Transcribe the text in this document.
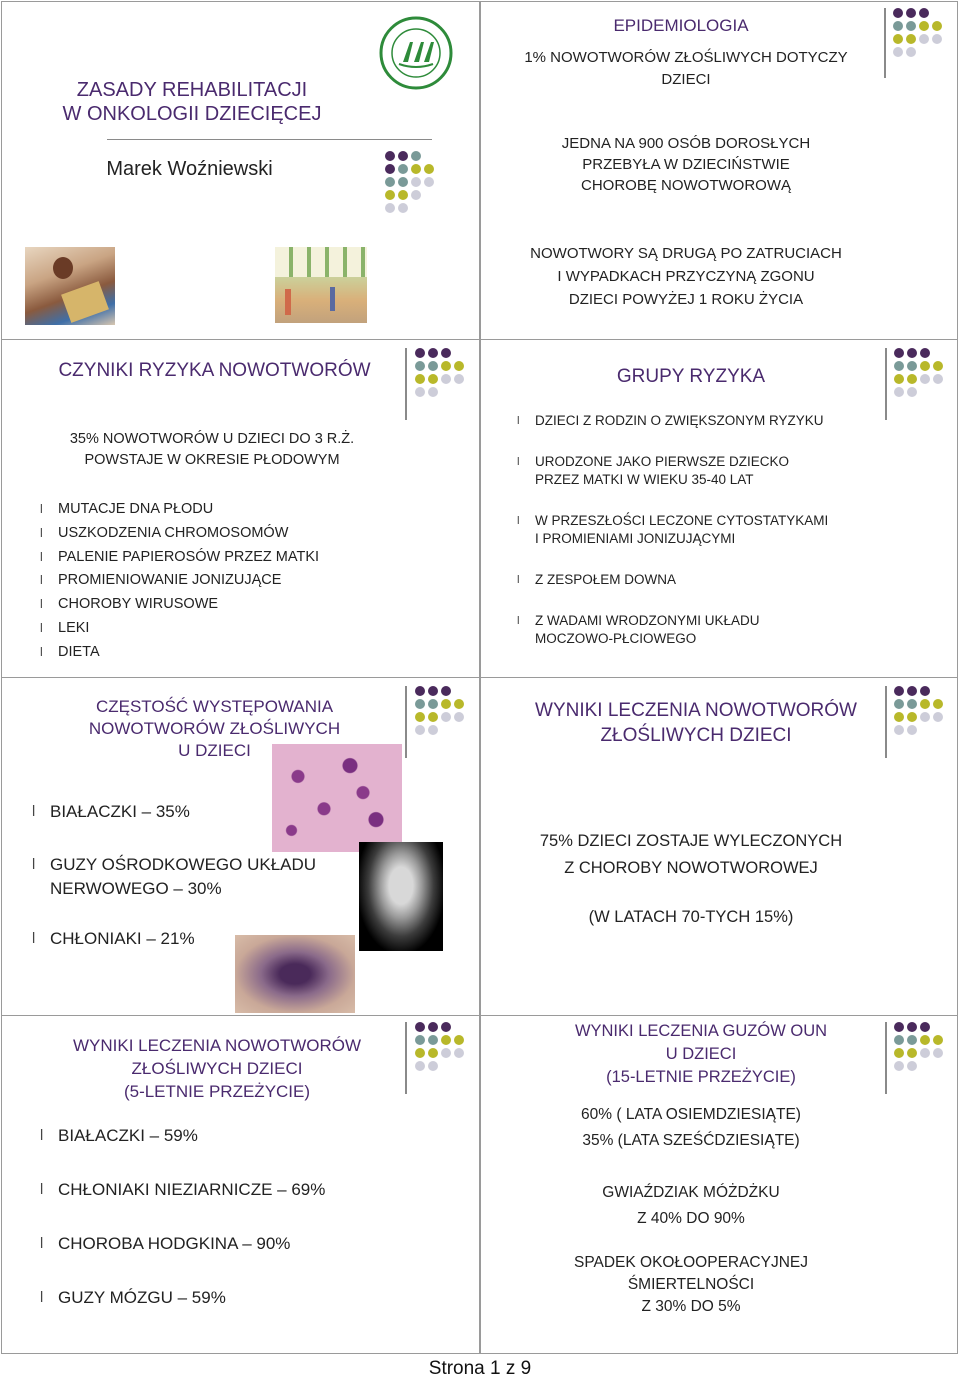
ZASADY REHABILITACJI
W ONKOLOGII DZIECIĘCEJ
Marek Woźniewski
EPIDEMIOLOGIA
1% NOWOTWORÓW ZŁOŚLIWYCH DOTYCZY
DZIECI
JEDNA NA 900 OSÓB DOROSŁYCH
PRZEBYŁA W DZIECIŃSTWIE
CHOROBĘ NOWOTWOROWĄ
NOWOTWORY SĄ DRUGĄ PO ZATRUCIACH
I WYPADKACH PRZYCZYNĄ ZGONU
DZIECI POWYŻEJ 1 ROKU ŻYCIA
CZYNIKI RYZYKA NOWOTWORÓW
35% NOWOTWORÓW U DZIECI DO 3 R.Ż.
POWSTAJE W OKRESIE PŁODOWYM
l MUTACJE DNA PŁODU
l USZKODZENIA CHROMOSOMÓW
l PALENIE PAPIEROSÓW PRZEZ MATKI
l PROMIENIOWANIE JONIZUJĄCE
l CHOROBY WIRUSOWE
l LEKI
l DIETA
GRUPY RYZYKA
l DZIECI Z RODZIN O ZWIĘKSZONYM RYZYKU
l URODZONE JAKO PIERWSZE DZIECKO
PRZEZ MATKI W WIEKU 35-40 LAT
l W PRZESZŁOŚCI LECZONE CYTOSTATYKAMI
I PROMIENIAMI JONIZUJĄCYMI
l Z ZESPOŁEM DOWNA
l Z WADAMI WRODZONYMI UKŁADU
MOCZOWO-PŁCIOWEGO
CZĘSTOŚĆ WYSTĘPOWANIA
NOWOTWORÓW ZŁOŚLIWYCH
U DZIECI
l BIAŁACZKI – 35%
l GUZY OŚRODKOWEGO UKŁADU
NERWOWEGO – 30%
l CHŁONIAKI – 21%
WYNIKI LECZENIA NOWOTWORÓW
ZŁOŚLIWYCH DZIECI
75% DZIECI ZOSTAJE WYLECZONYCH
Z CHOROBY NOWOTWOROWEJ
(W LATACH 70-TYCH 15%)
WYNIKI LECZENIA NOWOTWORÓW
ZŁOŚLIWYCH DZIECI
(5-LETNIE PRZEŻYCIE)
l BIAŁACZKI – 59%
l CHŁONIAKI NIEZIARNICZE – 69%
l CHOROBA HODGKINA – 90%
l GUZY MÓZGU – 59%
WYNIKI LECZENIA GUZÓW OUN
U DZIECI
(15-LETNIE PRZEŻYCIE)
60% ( LATA OSIEMDZIESIĄTE)
35% (LATA SZEŚĆDZIESIĄTE)
GWIAŹDZIAK MÓŻDŻKU
Z 40% DO 90%
SPADEK OKOŁOOPERACYJNEJ
ŚMIERTELNOŚCI
Z 30% DO 5%
Strona 1 z 9
